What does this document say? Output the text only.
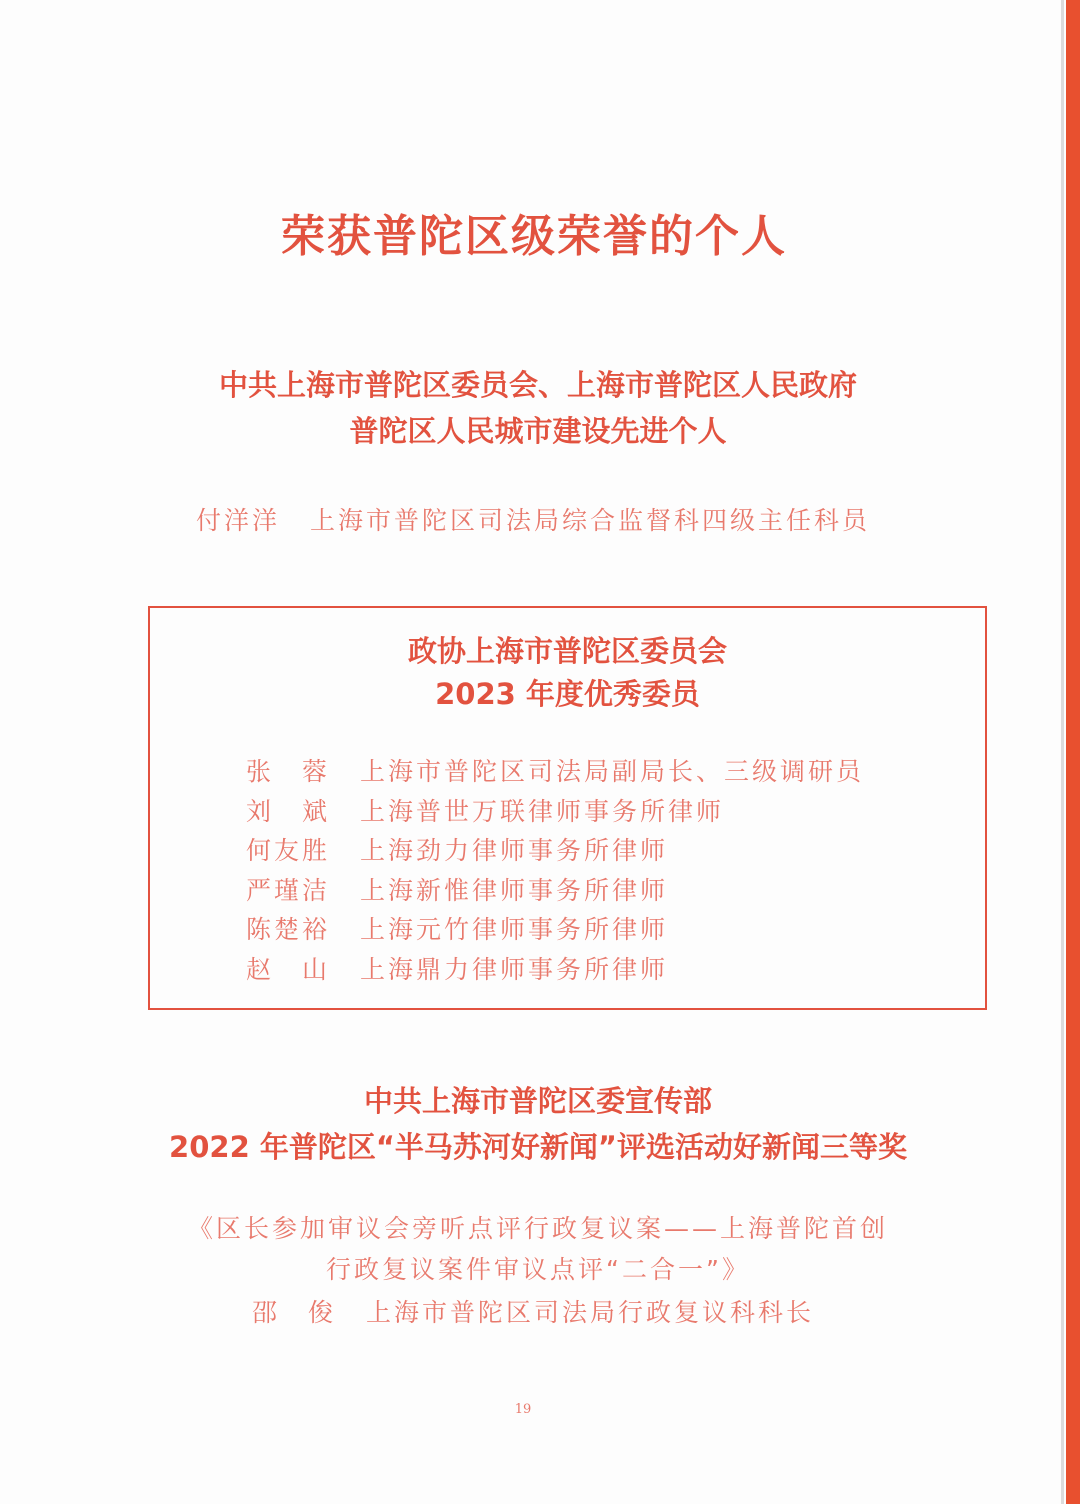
荣获普陀区级荣誉的个人
中共上海市普陀区委员会、上海市普陀区人民政府
普陀区人民城市建设先进个人
付洋洋 上海市普陀区司法局综合监督科四级主任科员
政协上海市普陀区委员会
2023 年度优秀委员
张　蓉 上海市普陀区司法局副局长、三级调研员
刘　斌 上海普世万联律师事务所律师
何友胜 上海劲力律师事务所律师
严瑾洁 上海新惟律师事务所律师
陈楚裕 上海元竹律师事务所律师
赵　山 上海鼎力律师事务所律师
中共上海市普陀区委宣传部
2022 年普陀区“半马苏河好新闻”评选活动好新闻三等奖
《区长参加审议会旁听点评行政复议案——上海普陀首创
行政复议案件审议点评“二合一”》
邵　俊 上海市普陀区司法局行政复议科科长
19
